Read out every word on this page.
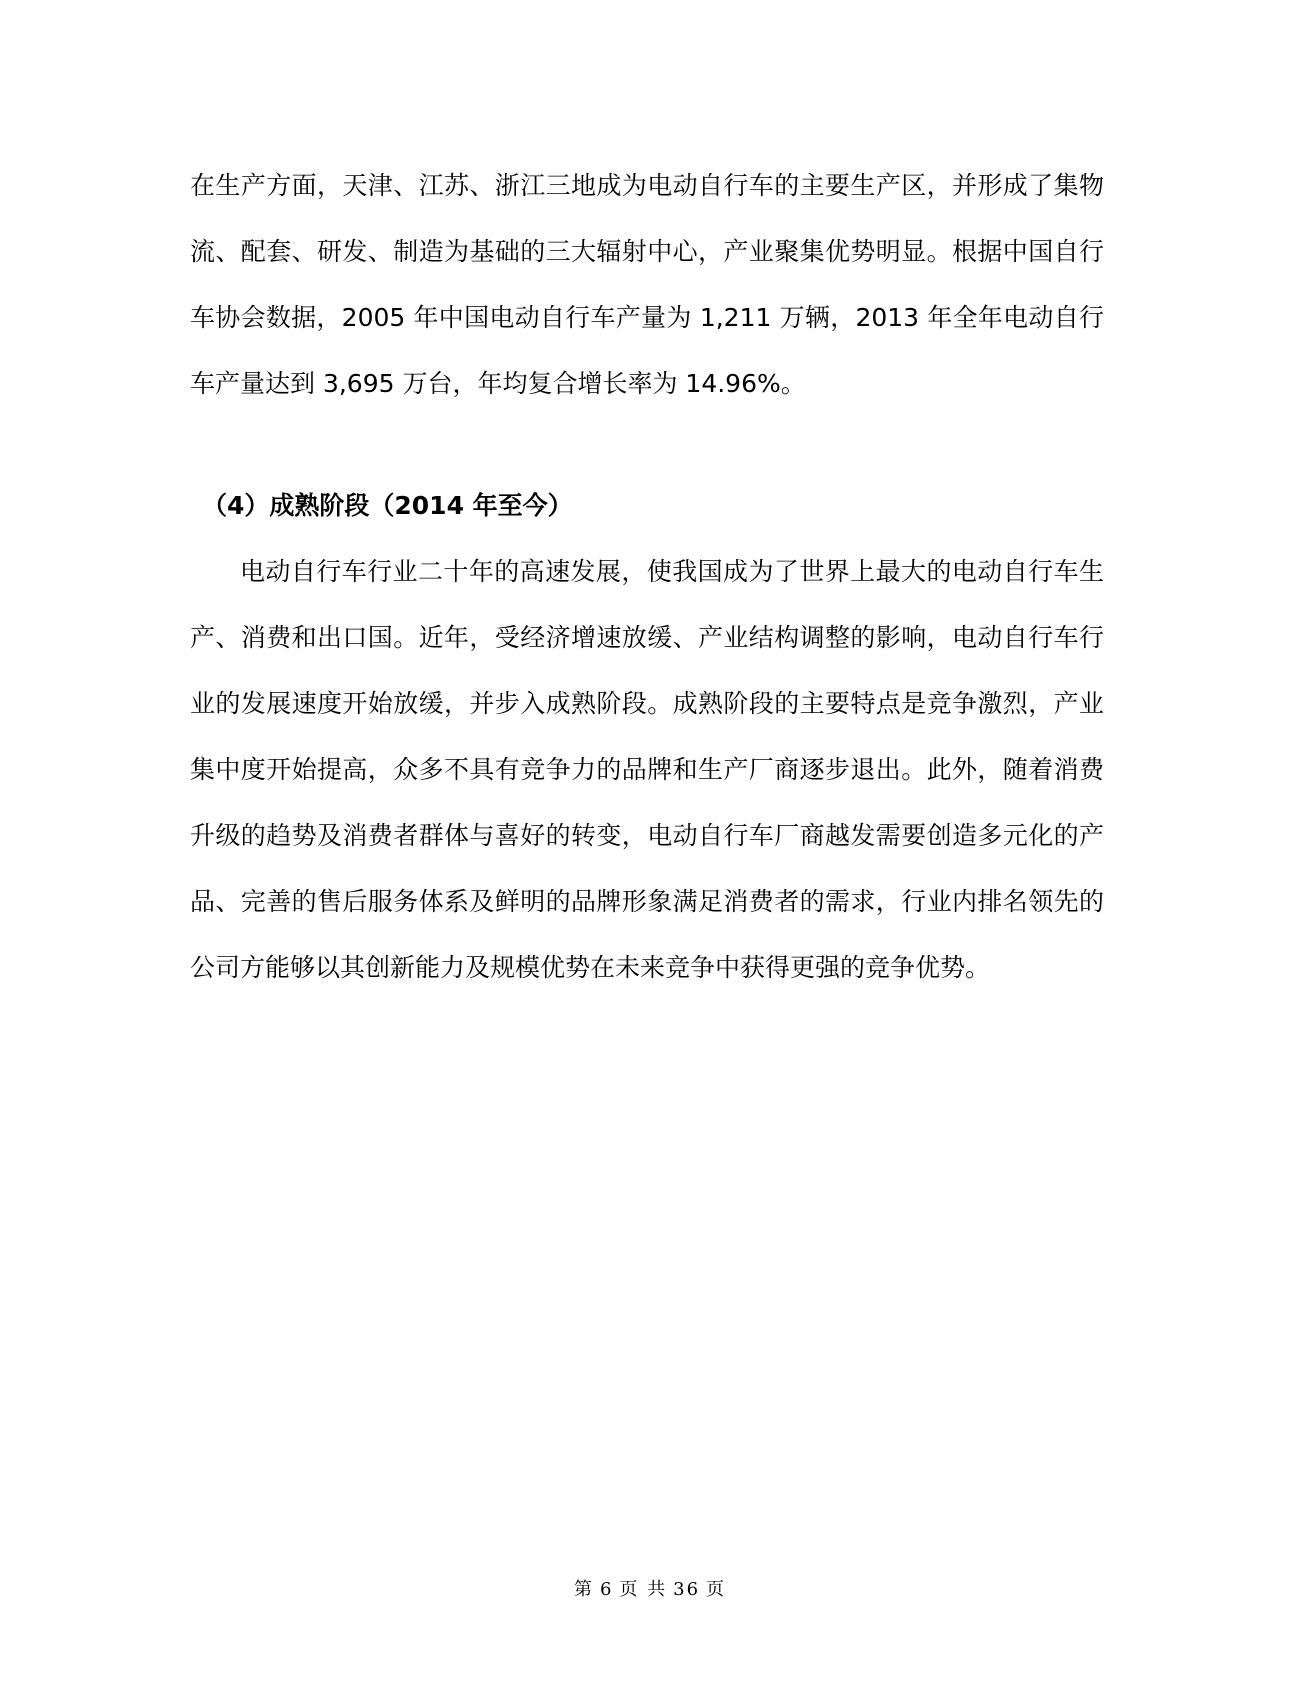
在生产方面，天津、江苏、浙江三地成为电动自行车的主要生产区，并形成了集物流、配套、研发、制造为基础的三大辐射中心，产业聚集优势明显。根据中国自行车协会数据，2005 年中国电动自行车产量为 1,211 万辆，2013 年全年电动自行车产量达到 3,695 万台，年均复合增长率为 14.96%。

（4）成熟阶段（2014 年至今）

电动自行车行业二十年的高速发展，使我国成为了世界上最大的电动自行车生产、消费和出口国。近年，受经济增速放缓、产业结构调整的影响，电动自行车行业的发展速度开始放缓，并步入成熟阶段。成熟阶段的主要特点是竞争激烈，产业集中度开始提高，众多不具有竞争力的品牌和生产厂商逐步退出。此外，随着消费升级的趋势及消费者群体与喜好的转变，电动自行车厂商越发需要创造多元化的产品、完善的售后服务体系及鲜明的品牌形象满足消费者的需求，行业内排名领先的公司方能够以其创新能力及规模优势在未来竞争中获得更强的竞争优势。

第 6 页 共 36 页
